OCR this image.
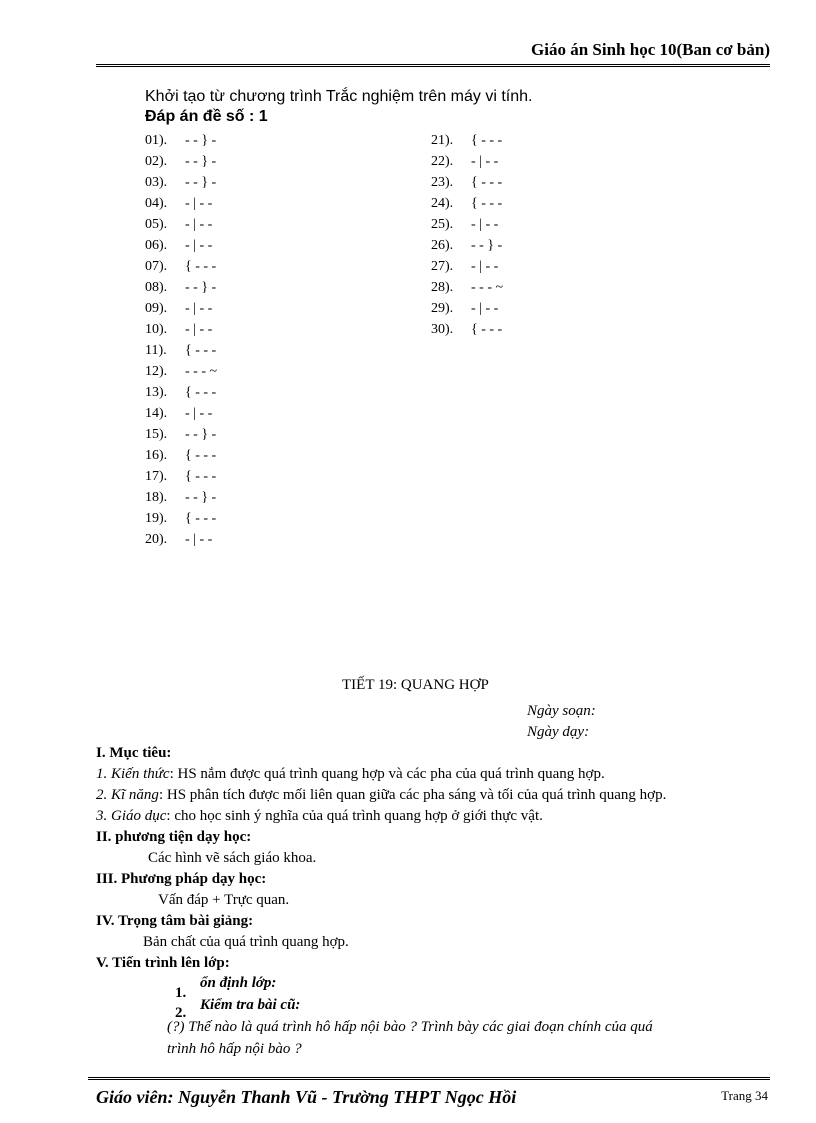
Giáo án Sinh học 10(Ban cơ bản)
Khởi tạo từ chương trình Trắc nghiệm trên máy vi tính.
Đáp án đề số : 1
01). - - } -
02). - - } -
03). - - } -
04). - | - -
05). - | - -
06). - | - -
07). { - - -
08). - - } -
09). - | - -
10). - | - -
11). { - - -
12). - - - ~
13). { - - -
14). - | - -
15). - - } -
16). { - - -
17). { - - -
18). - - } -
19). { - - -
20). - | - -
21). { - - -
22). - | - -
23). { - - -
24). { - - -
25). - | - -
26). - - } -
27). - | - -
28). - - - ~
29). - | - -
30). { - - -
TIẾT 19: QUANG HỢP
Ngày soạn:
Ngày dạy:
I. Mục tiêu:
1. Kiến thức: HS nắm được quá trình quang hợp và các pha của quá trình quang hợp.
2. Kĩ năng: HS phân tích được mối liên quan giữa các pha sáng và tối của quá trình quang hợp.
3. Giáo dục: cho học sinh ý nghĩa của quá trình quang hợp ở giới thực vật.
II. phương tiện dạy học:
Các hình vẽ sách giáo khoa.
III. Phương pháp dạy học:
Vấn đáp + Trực quan.
IV. Trọng tâm bài giảng:
Bản chất của quá trình quang hợp.
V. Tiến trình lên lớp:
1.
ổn định lớp:
2. Kiểm tra bài cũ:
(?) Thế nào là quá trình hô hấp nội bào ? Trình bày các giai đoạn chính của quá
trình hô hấp nội bào ?
Giáo viên: Nguyễn Thanh Vũ - Trường THPT Ngọc Hồi	Trang 34
